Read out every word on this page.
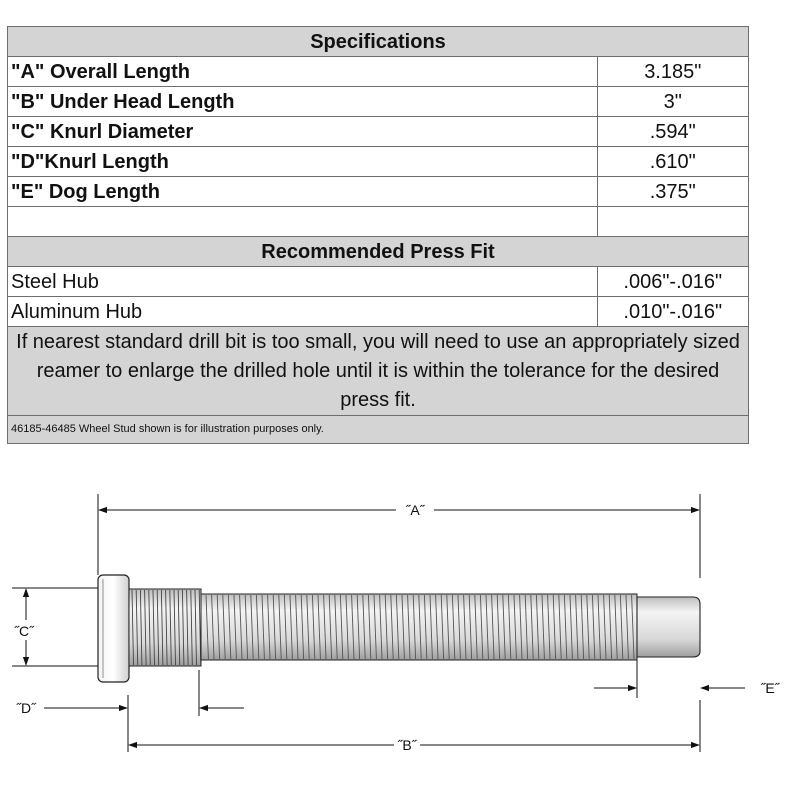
Specifications	
"A" Overall Length	3.185"
"B" Under Head Length	3"
"C" Knurl Diameter	.594"
"D"Knurl Length	.610"
"E" Dog Length	.375"

Recommended Press Fit	
Steel Hub	.006"-.016"
Aluminum Hub	.010"-.016"
If nearest standard drill bit is too small, you will need to use an appropriately sized reamer to enlarge the drilled hole until it is within the tolerance for the desired press fit.	
46185-46485 Wheel Stud shown is for illustration purposes only.	
˝A˝
˝B˝
˝C˝
˝D˝
˝E˝
